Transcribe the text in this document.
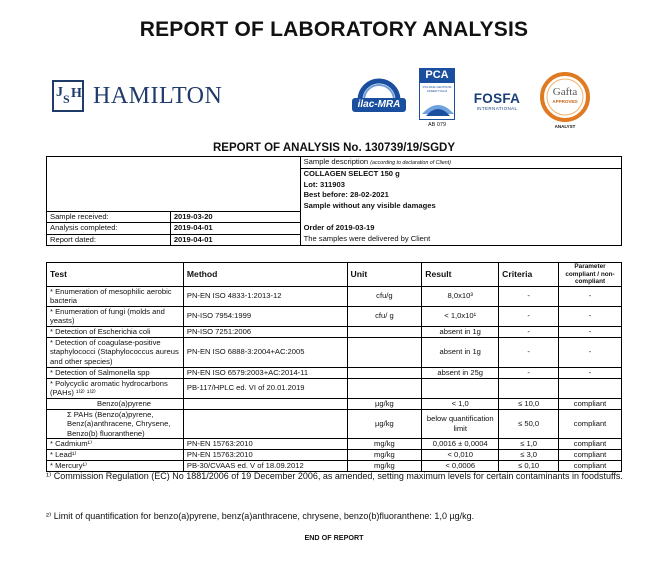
REPORT OF LABORATORY ANALYSIS
J S H HAMILTON	ilac-MRA
PCA
POLSKIE CENTRUM AKREDYTACJI
AB 079
FOSFA
INTERNATIONAL
Gafta
APPROVED
ANALYST
REPORT OF ANALYSIS No. 130739/19/SGDY
		Sample description (according to declaration of Client)
		COLLAGEN SELECT 150 g
		Lot: 311903
		Best before: 28-02-2021
		Sample without any visible damages
Sample received:	2019-03-20	
Analysis completed:	2019-04-01	Order of 2019-03-19
Report dated:	2019-04-01	The samples were delivered by Client
Test	Method	Unit	Result	Criteria	Parameter compliant / non-compliant
* Enumeration of mesophilic aerobic bacteria	PN-EN ISO 4833-1:2013-12	cfu/g	8,0x10³	-	-
* Enumeration of fungi (molds and yeasts)	PN-ISO 7954:1999	cfu/ g	< 1,0x10¹	-	-
* Detection of Escherichia coli	PN-ISO 7251:2006		absent in 1g	-	-
* Detection of coagulase-positive staphylococci (Staphylococcus aureus and other species)	PN-EN ISO 6888-3:2004+AC:2005		absent in 1g	-	-
* Detection of Salmonella spp	PN-EN ISO 6579:2003+AC:2014-11		absent in 25g	-	-
* Polycyclic aromatic hydrocarbons (PAHs) ¹⁾²⁾ ¹⁾²⁾	PB-117/HPLC ed. VI of 20.01.2019				
Benzo(a)pyrene		µg/kg	< 1,0	≤ 10,0	compliant
Σ PAHs (Benzo(a)pyrene, Benz(a)anthracene, Chrysene, Benzo(b) fluoranthene)		µg/kg	below quantification limit	≤ 50,0	compliant
* Cadmium¹⁾	PN-EN 15763:2010	mg/kg	0,0016 ± 0,0004	≤ 1,0	compliant
* Lead¹⁾	PN-EN 15763:2010	mg/kg	< 0,010	≤ 3,0	compliant
* Mercury¹⁾	PB-30/CVAAS ed. V of 18.09.2012	mg/kg	< 0,0006	≤ 0,10	compliant
¹⁾ Commission Regulation (EC) No 1881/2006 of 19 December 2006, as amended, setting maximum levels for certain contaminants in foodstuffs.
²⁾ Limit of quantification for benzo(a)pyrene, benz(a)anthracene, chrysene, benzo(b)fluoranthene: 1,0 µg/kg.
END OF REPORT
